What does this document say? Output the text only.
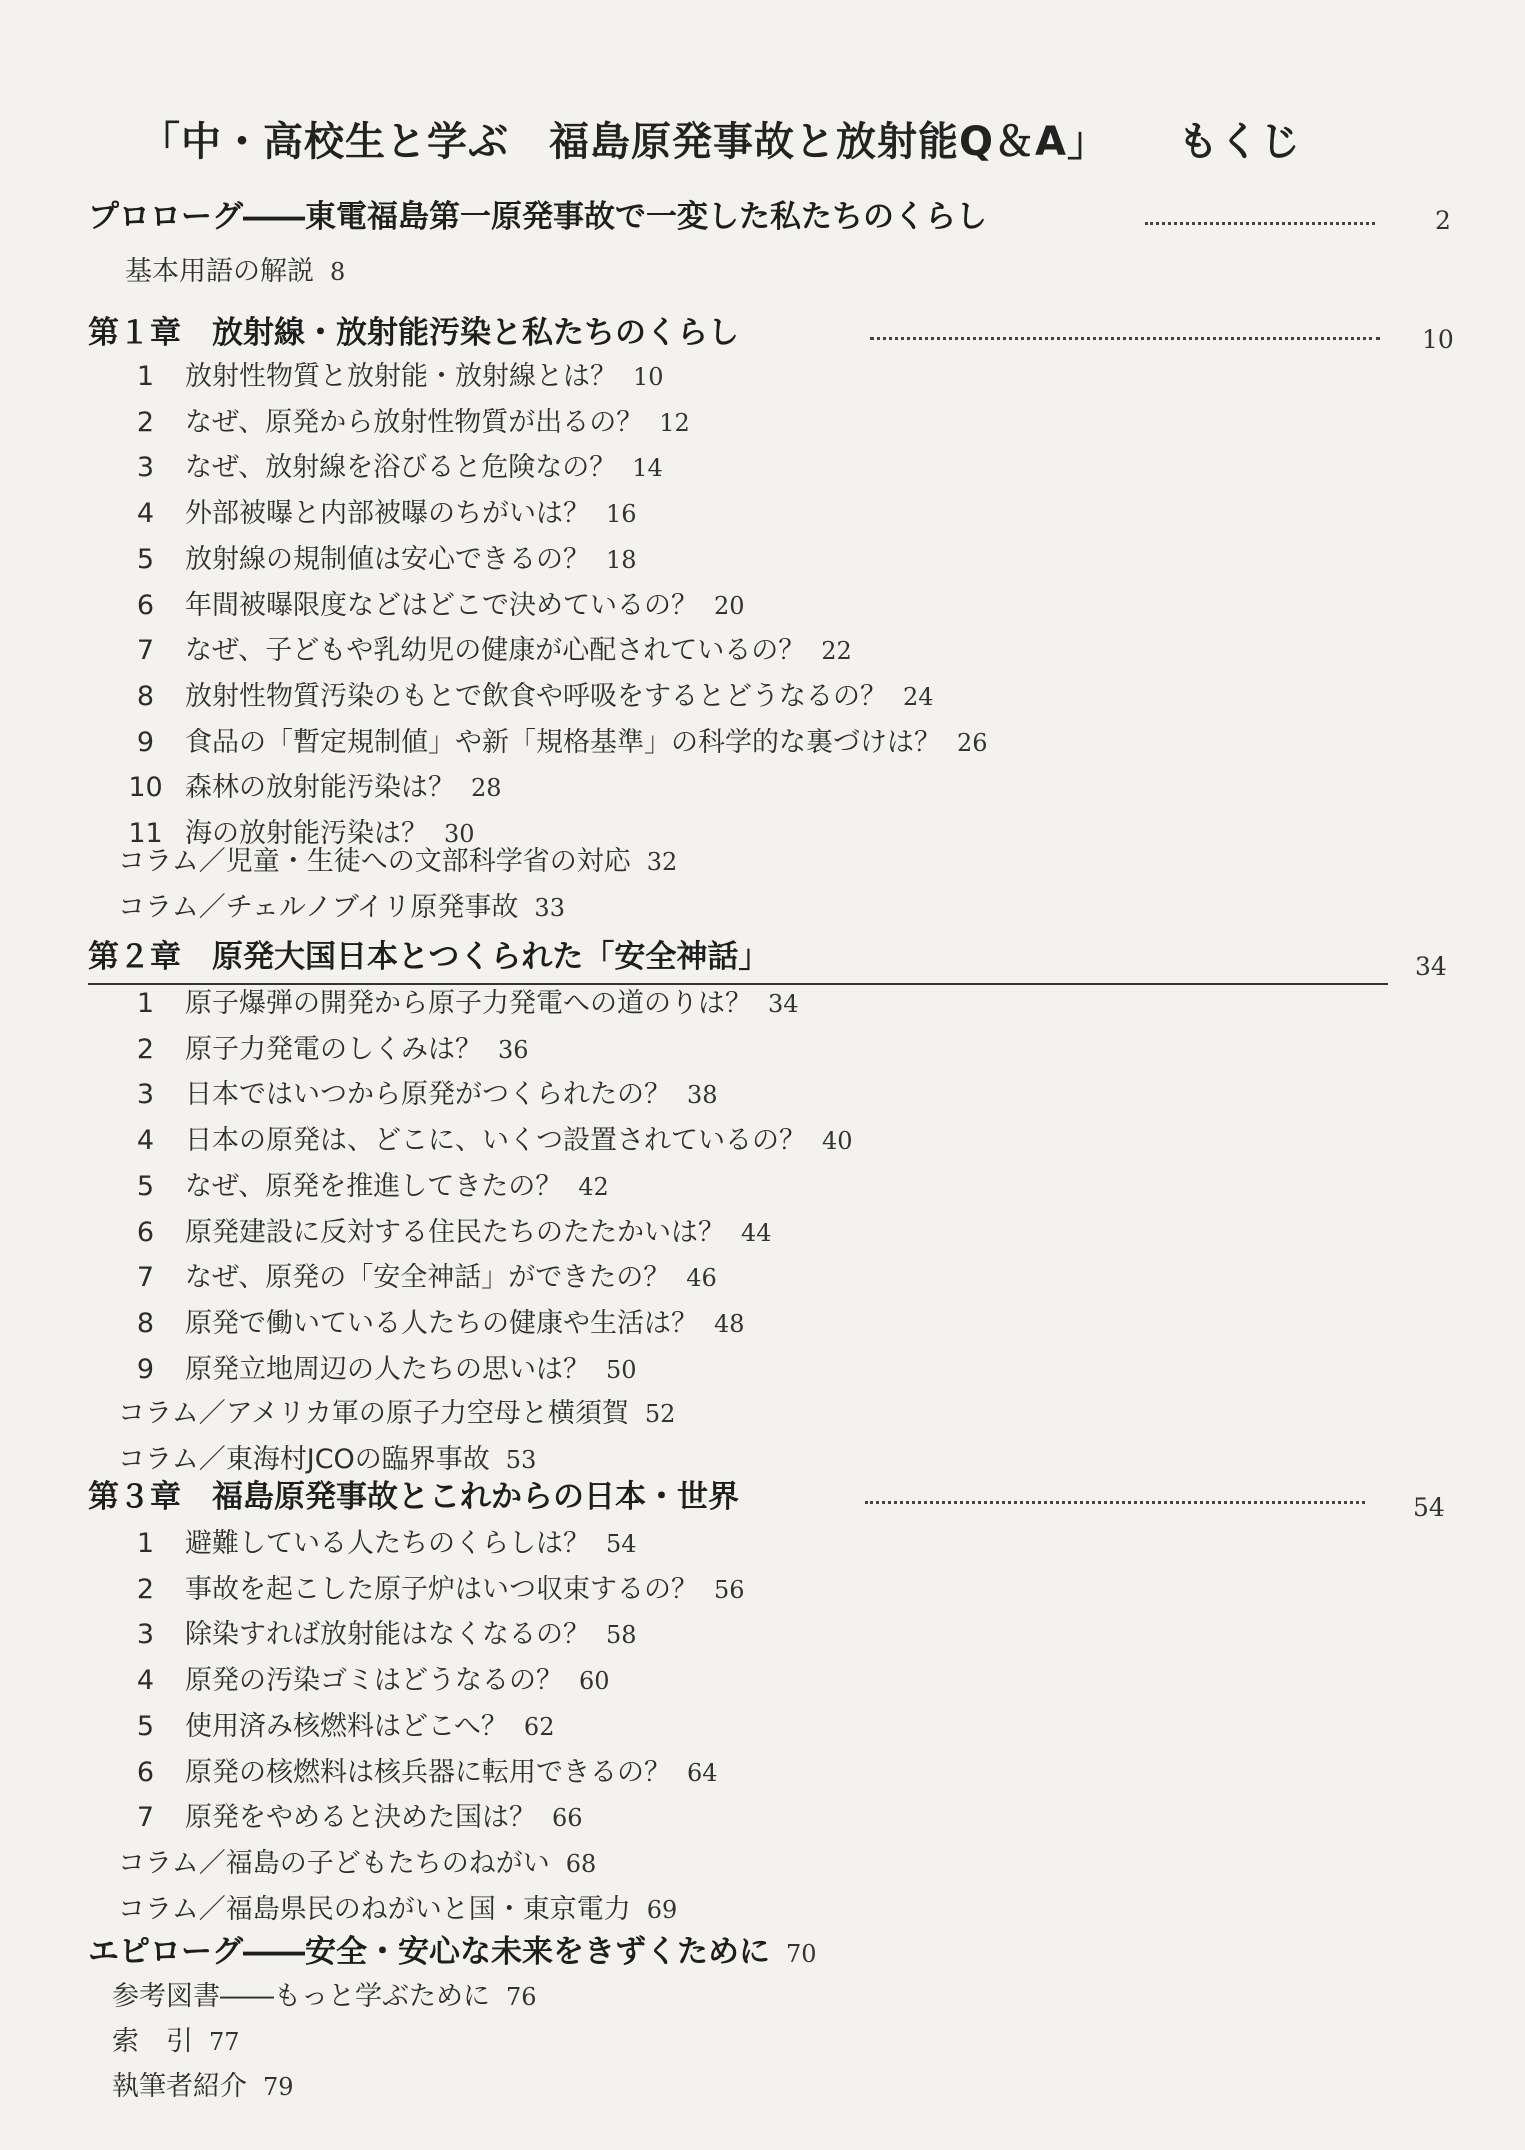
「中・高校生と学ぶ 福島原発事故と放射能Q＆A」 もくじ
プロローグ――東電福島第一原発事故で一変した私たちのくらし	2
基本用語の解説 8
第１章　放射線・放射能汚染と私たちのくらし	10
1 放射性物質と放射能・放射線とは？ 10
2 なぜ、原発から放射性物質が出るの？ 12
3 なぜ、放射線を浴びると危険なの？ 14
4 外部被曝と内部被曝のちがいは？ 16
5 放射線の規制値は安心できるの？ 18
6 年間被曝限度などはどこで決めているの？ 20
7 なぜ、子どもや乳幼児の健康が心配されているの？ 22
8 放射性物質汚染のもとで飲食や呼吸をするとどうなるの？ 24
9 食品の「暫定規制値」や新「規格基準」の科学的な裏づけは？ 26
10 森林の放射能汚染は？ 28
11 海の放射能汚染は？ 30
コラム／児童・生徒への文部科学省の対応 32
コラム／チェルノブイリ原発事故 33
第２章　原発大国日本とつくられた「安全神話」	34
1 原子爆弾の開発から原子力発電への道のりは？ 34
2 原子力発電のしくみは？ 36
3 日本ではいつから原発がつくられたの？ 38
4 日本の原発は、どこに、いくつ設置されているの？ 40
5 なぜ、原発を推進してきたの？ 42
6 原発建設に反対する住民たちのたたかいは？ 44
7 なぜ、原発の「安全神話」ができたの？ 46
8 原発で働いている人たちの健康や生活は？ 48
9 原発立地周辺の人たちの思いは？ 50
コラム／アメリカ軍の原子力空母と横須賀 52
コラム／東海村JCOの臨界事故 53
第３章　福島原発事故とこれからの日本・世界	54
1 避難している人たちのくらしは？ 54
2 事故を起こした原子炉はいつ収束するの？ 56
3 除染すれば放射能はなくなるの？ 58
4 原発の汚染ゴミはどうなるの？ 60
5 使用済み核燃料はどこへ？ 62
6 原発の核燃料は核兵器に転用できるの？ 64
7 原発をやめると決めた国は？ 66
コラム／福島の子どもたちのねがい 68
コラム／福島県民のねがいと国・東京電力 69
エピローグ――安全・安心な未来をきずくために 70
参考図書――もっと学ぶために 76
索　引 77
執筆者紹介 79
